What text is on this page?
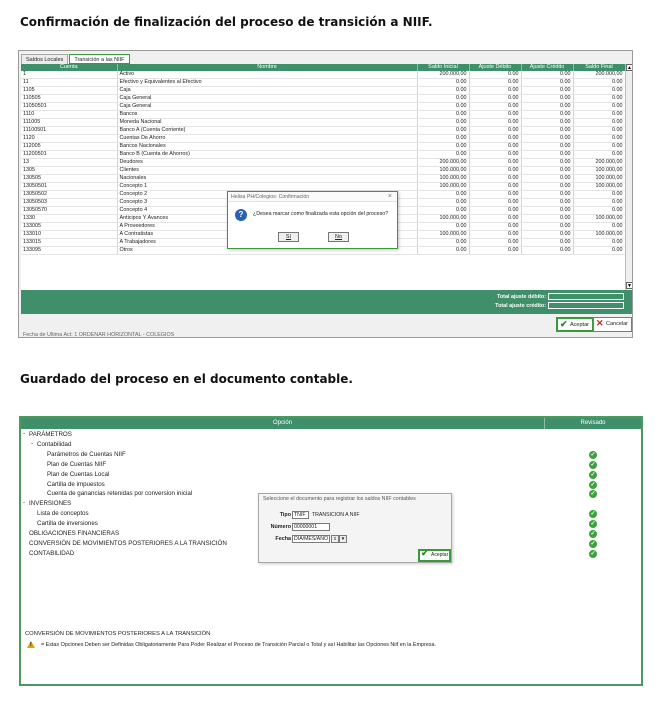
Confirmación de finalización del proceso de transición a NIIF.
Saldos Locales	Transición a las NIIF
Cuenta	Nombre	Saldo Inicial	Ajuste Débito	Ajuste Crédito	Saldo Final
1	Activo	200.000,00	0.00	0.00	200.000,00
11	Efectivo y Equivalentes al Efectivo	0.00	0.00	0.00	0.00
1105	Caja	0.00	0.00	0.00	0.00
110505	Caja General	0.00	0.00	0.00	0.00
11050501	Caja General	0.00	0.00	0.00	0.00
1110	Bancos	0.00	0.00	0.00	0.00
111005	Moneda Nacional	0.00	0.00	0.00	0.00
11100501	Banco A (Cuenta Corriente)	0.00	0.00	0.00	0.00
1120	Cuentas De Ahorro	0.00	0.00	0.00	0.00
112005	Bancos Nacionales	0.00	0.00	0.00	0.00
11200501	Banco B (Cuenta de Ahorros)	0.00	0.00	0.00	0.00
13	Deudores	200.000,00	0.00	0.00	200.000,00
1305	Clientes	100.000,00	0.00	0.00	100.000,00
130505	Nacionales	100.000,00	0.00	0.00	100.000,00
13050501	Concepto 1	100.000,00	0.00	0.00	100.000,00
13050502	Concepto 2	0.00	0.00	0.00	0.00
13050503	Concepto 3	0.00	0.00	0.00	0.00
13050570	Concepto 4	0.00	0.00	0.00	0.00
1330	Anticipos Y Avances	100.000,00	0.00	0.00	100.000,00
133005	A Proveedores	0.00	0.00	0.00	0.00
133010	A Contratistas	100.000,00	0.00	0.00	100.000,00
133015	A Trabajadores	0.00	0.00	0.00	0.00
133095	Otros	0.00	0.00	0.00	0.00
▲
▼
Total ajuste débito:
Total ajuste crédito:
✔ Aceptar ✕ Cancelar
Fecha de Ultima Act: 1 ORDENAR HORIZONTAL - COLEGIOS
Helisa PH/Colegios: Confirmación	×
?	¿Desea marcar como finalizada esta opción del proceso?
Sí	No
Guardado del proceso en el documento contable.
Opción	Revisado
- PARÁMETROS
- Contabilidad
Parámetros de Cuentas NIIF	✓
Plan de Cuentas NIIF	✓
Plan de Cuentas Local	✓
Cartilla de impuestos	✓
Cuenta de ganancias retenidas por conversion inicial	✓
- INVERSIONES
Lista de conceptos	✓
Cartilla de inversiones	✓
OBLIGACIONES FINANCIERAS	✓
CONVERSIÓN DE MOVIMIENTOS POSTERIORES A LA TRANSICIÓN	✓
CONTABILIDAD	✓
CONVERSIÓN DE MOVIMIENTOS POSTERIORES A LA TRANSICIÓN
! = Estas Opciones Deben ser Definidas Obligatoriamente Para Poder Realizar el Proceso de Transición Parcial o Total y así Habilitar las Opciones Niif en la Empresa.
Seleccione el documento para registrar los saldos NIIF contables
Tipo TNIF	TRANSICION A NIIF
Número 00000001
Fecha DIA/MES/AÑO	⇕ ▼
✔ Aceptar
